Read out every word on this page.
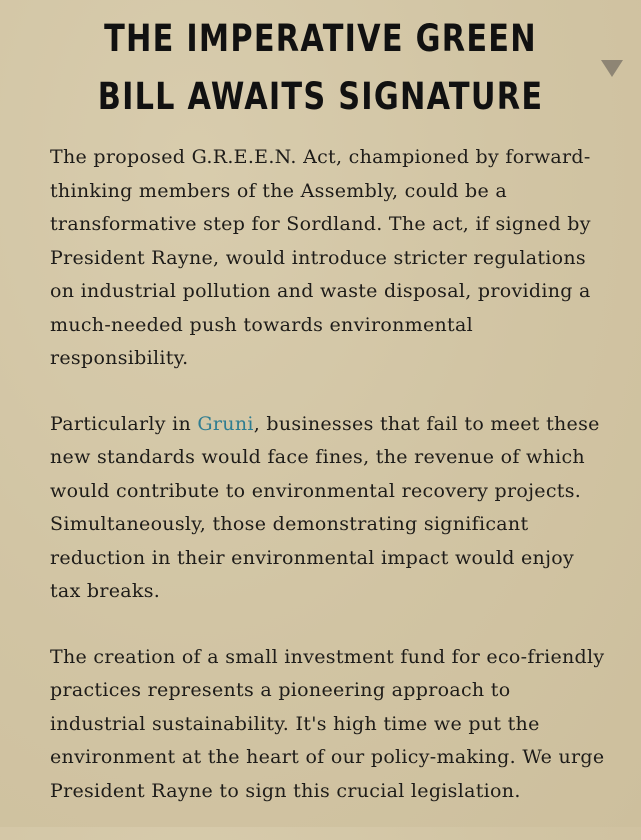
THE IMPERATIVE GREEN BILL AWAITS SIGNATURE

The proposed G.R.E.E.N. Act, championed by forward-thinking members of the Assembly, could be a transformative step for Sordland. The act, if signed by President Rayne, would introduce stricter regulations on industrial pollution and waste disposal, providing a much-needed push towards environmental responsibility.

Particularly in Gruni, businesses that fail to meet these new standards would face fines, the revenue of which would contribute to environmental recovery projects. Simultaneously, those demonstrating significant reduction in their environmental impact would enjoy tax breaks.

The creation of a small investment fund for eco-friendly practices represents a pioneering approach to industrial sustainability. It's high time we put the environment at the heart of our policy-making. We urge President Rayne to sign this crucial legislation.
